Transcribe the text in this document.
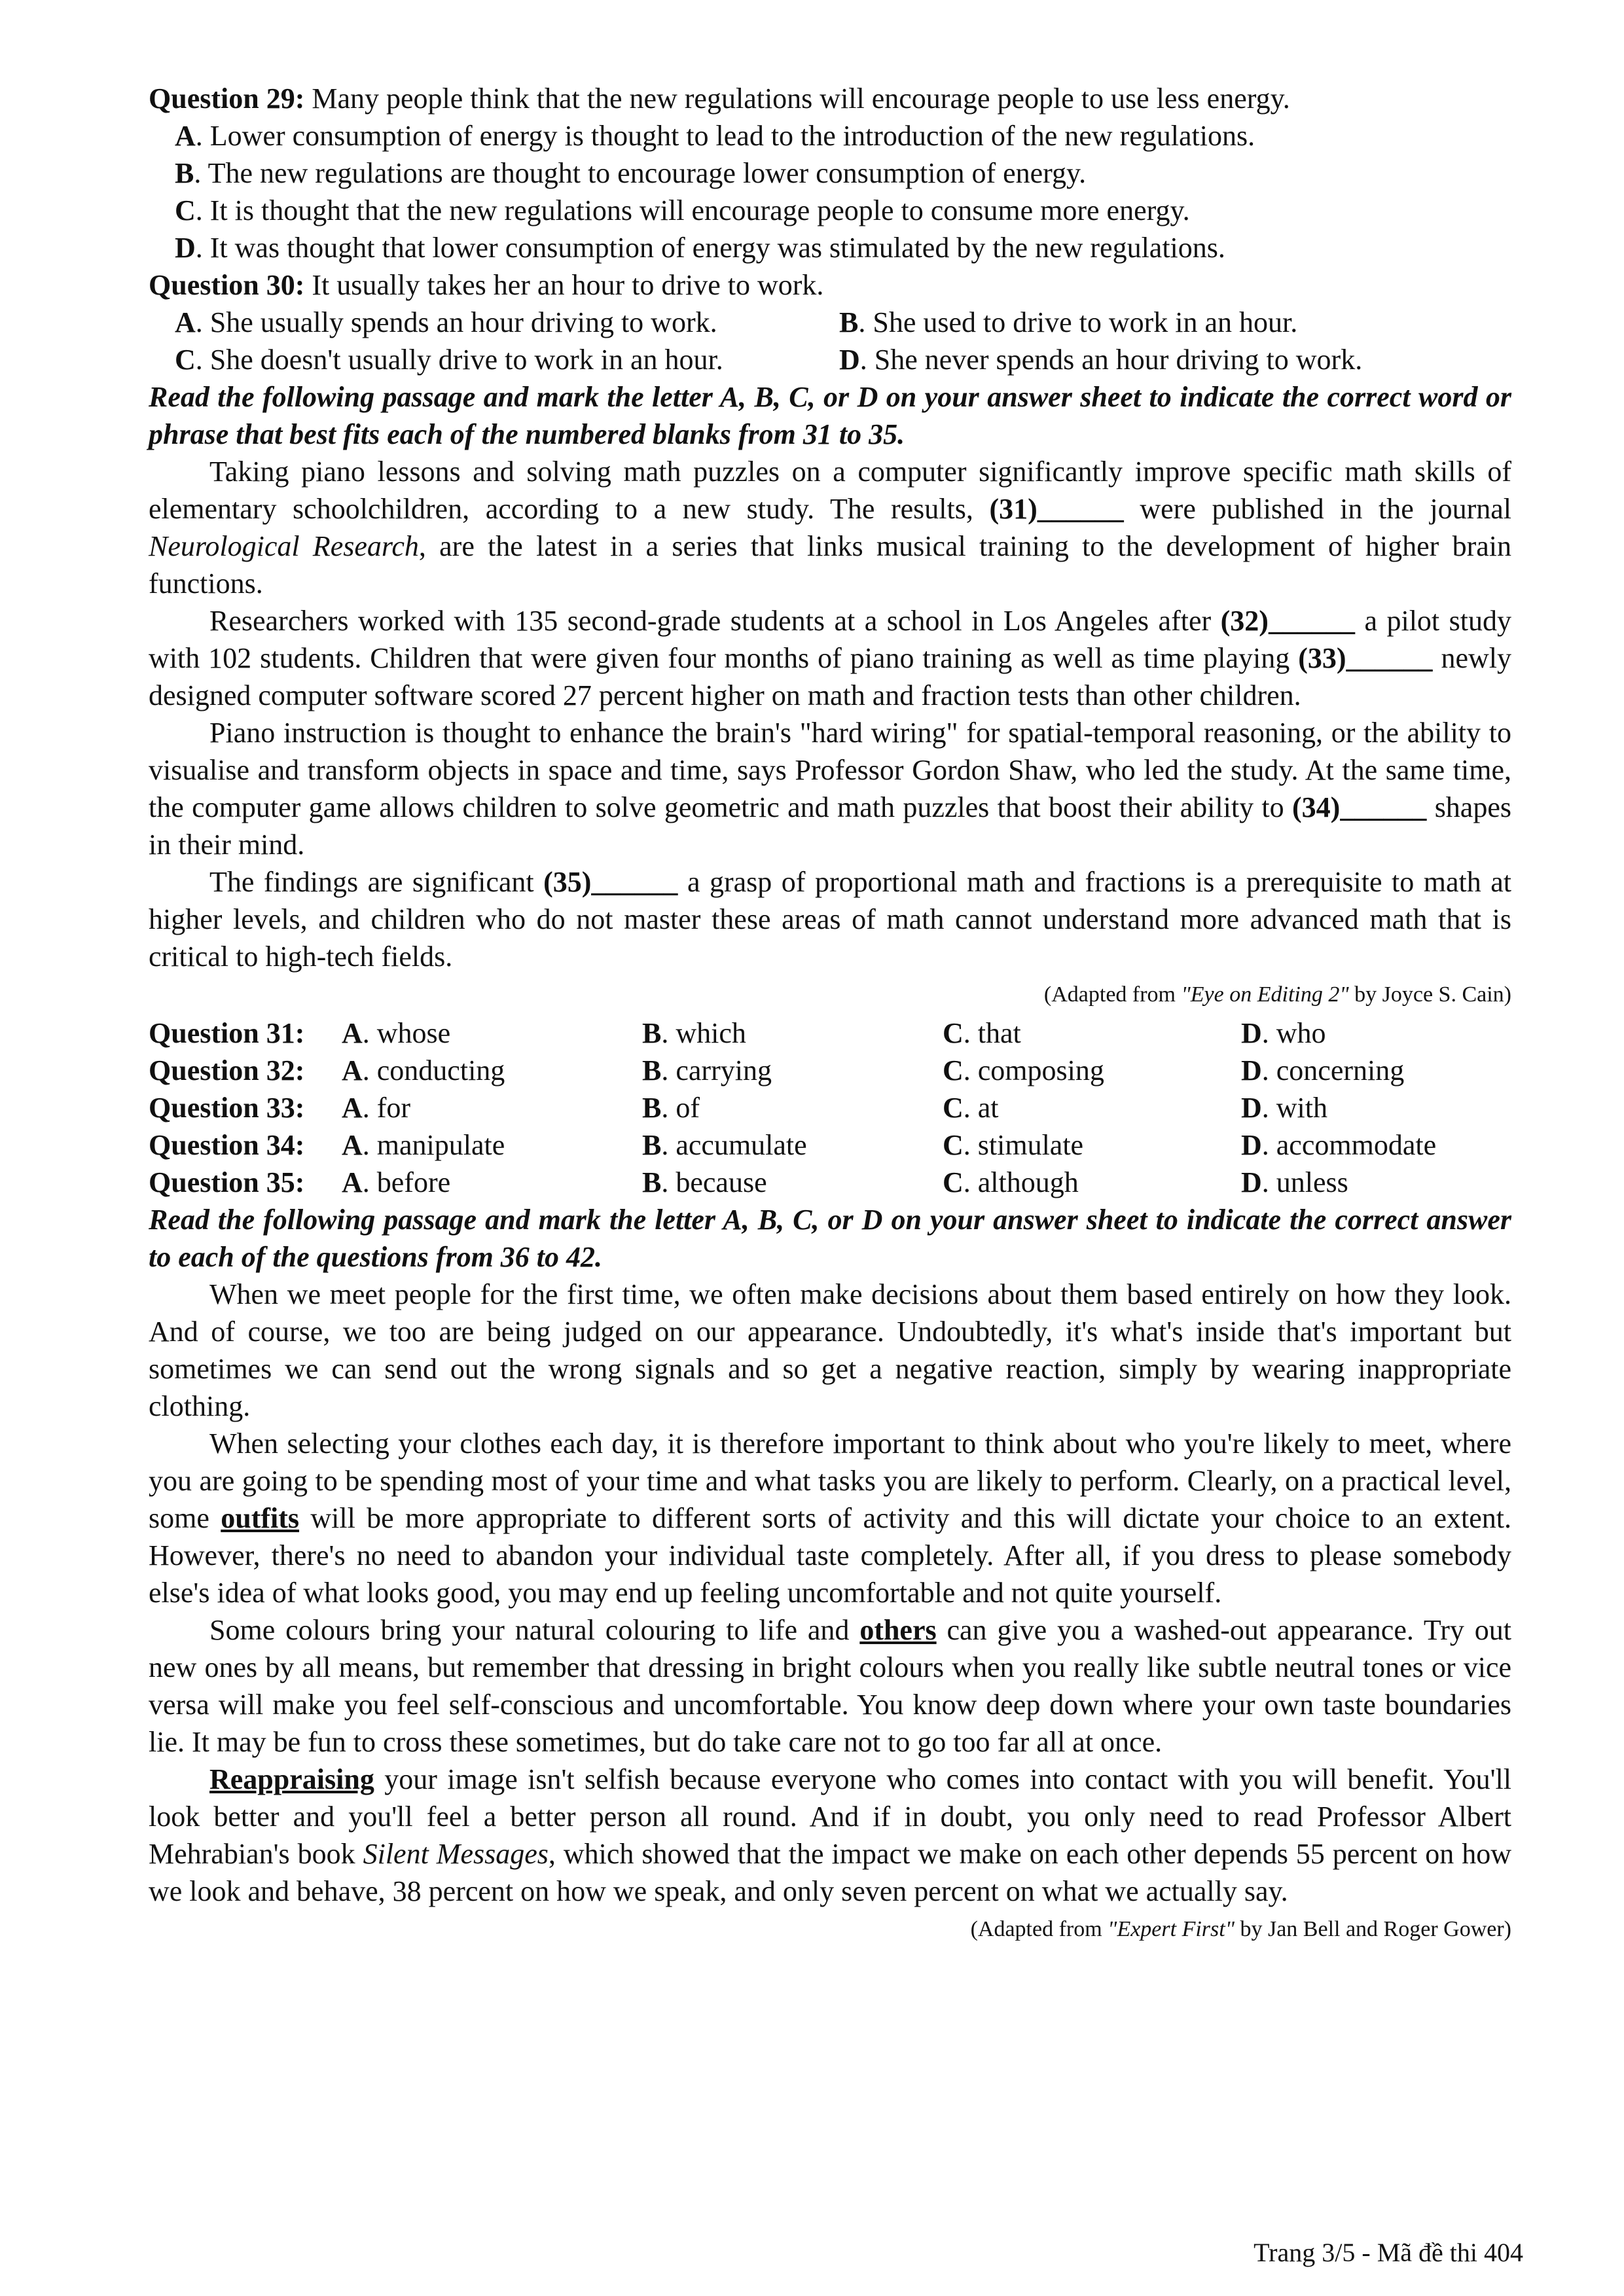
Question 29: Many people think that the new regulations will encourage people to use less energy.

A. Lower consumption of energy is thought to lead to the introduction of the new regulations.

B. The new regulations are thought to encourage lower consumption of energy.

C. It is thought that the new regulations will encourage people to consume more energy.

D. It was thought that lower consumption of energy was stimulated by the new regulations.

Question 30: It usually takes her an hour to drive to work.

A. She usually spends an hour driving to work.	B. She used to drive to work in an hour.
C. She doesn't usually drive to work in an hour.	D. She never spends an hour driving to work.

Read the following passage and mark the letter A, B, C, or D on your answer sheet to indicate the correct word or phrase that best fits each of the numbered blanks from 31 to 35.

Taking piano lessons and solving math puzzles on a computer significantly improve specific math skills of elementary schoolchildren, according to a new study. The results, (31)______ were published in the journal Neurological Research, are the latest in a series that links musical training to the development of higher brain functions.

Researchers worked with 135 second-grade students at a school in Los Angeles after (32)______ a pilot study with 102 students. Children that were given four months of piano training as well as time playing (33)______ newly designed computer software scored 27 percent higher on math and fraction tests than other children.

Piano instruction is thought to enhance the brain's "hard wiring" for spatial-temporal reasoning, or the ability to visualise and transform objects in space and time, says Professor Gordon Shaw, who led the study. At the same time, the computer game allows children to solve geometric and math puzzles that boost their ability to (34)______ shapes in their mind.

The findings are significant (35)______ a grasp of proportional math and fractions is a prerequisite to math at higher levels, and children who do not master these areas of math cannot understand more advanced math that is critical to high-tech fields.

(Adapted from "Eye on Editing 2" by Joyce S. Cain)

Question 31:	A. whose	B. which	C. that	D. who
Question 32:	A. conducting	B. carrying	C. composing	D. concerning
Question 33:	A. for	B. of	C. at	D. with
Question 34:	A. manipulate	B. accumulate	C. stimulate	D. accommodate
Question 35:	A. before	B. because	C. although	D. unless

Read the following passage and mark the letter A, B, C, or D on your answer sheet to indicate the correct answer to each of the questions from 36 to 42.

When we meet people for the first time, we often make decisions about them based entirely on how they look. And of course, we too are being judged on our appearance. Undoubtedly, it's what's inside that's important but sometimes we can send out the wrong signals and so get a negative reaction, simply by wearing inappropriate clothing.

When selecting your clothes each day, it is therefore important to think about who you're likely to meet, where you are going to be spending most of your time and what tasks you are likely to perform. Clearly, on a practical level, some outfits will be more appropriate to different sorts of activity and this will dictate your choice to an extent. However, there's no need to abandon your individual taste completely. After all, if you dress to please somebody else's idea of what looks good, you may end up feeling uncomfortable and not quite yourself.

Some colours bring your natural colouring to life and others can give you a washed-out appearance. Try out new ones by all means, but remember that dressing in bright colours when you really like subtle neutral tones or vice versa will make you feel self-conscious and uncomfortable. You know deep down where your own taste boundaries lie. It may be fun to cross these sometimes, but do take care not to go too far all at once.

Reappraising your image isn't selfish because everyone who comes into contact with you will benefit. You'll look better and you'll feel a better person all round. And if in doubt, you only need to read Professor Albert Mehrabian's book Silent Messages, which showed that the impact we make on each other depends 55 percent on how we look and behave, 38 percent on how we speak, and only seven percent on what we actually say.

(Adapted from "Expert First" by Jan Bell and Roger Gower)

Trang 3/5 - Mã đề thi 404
